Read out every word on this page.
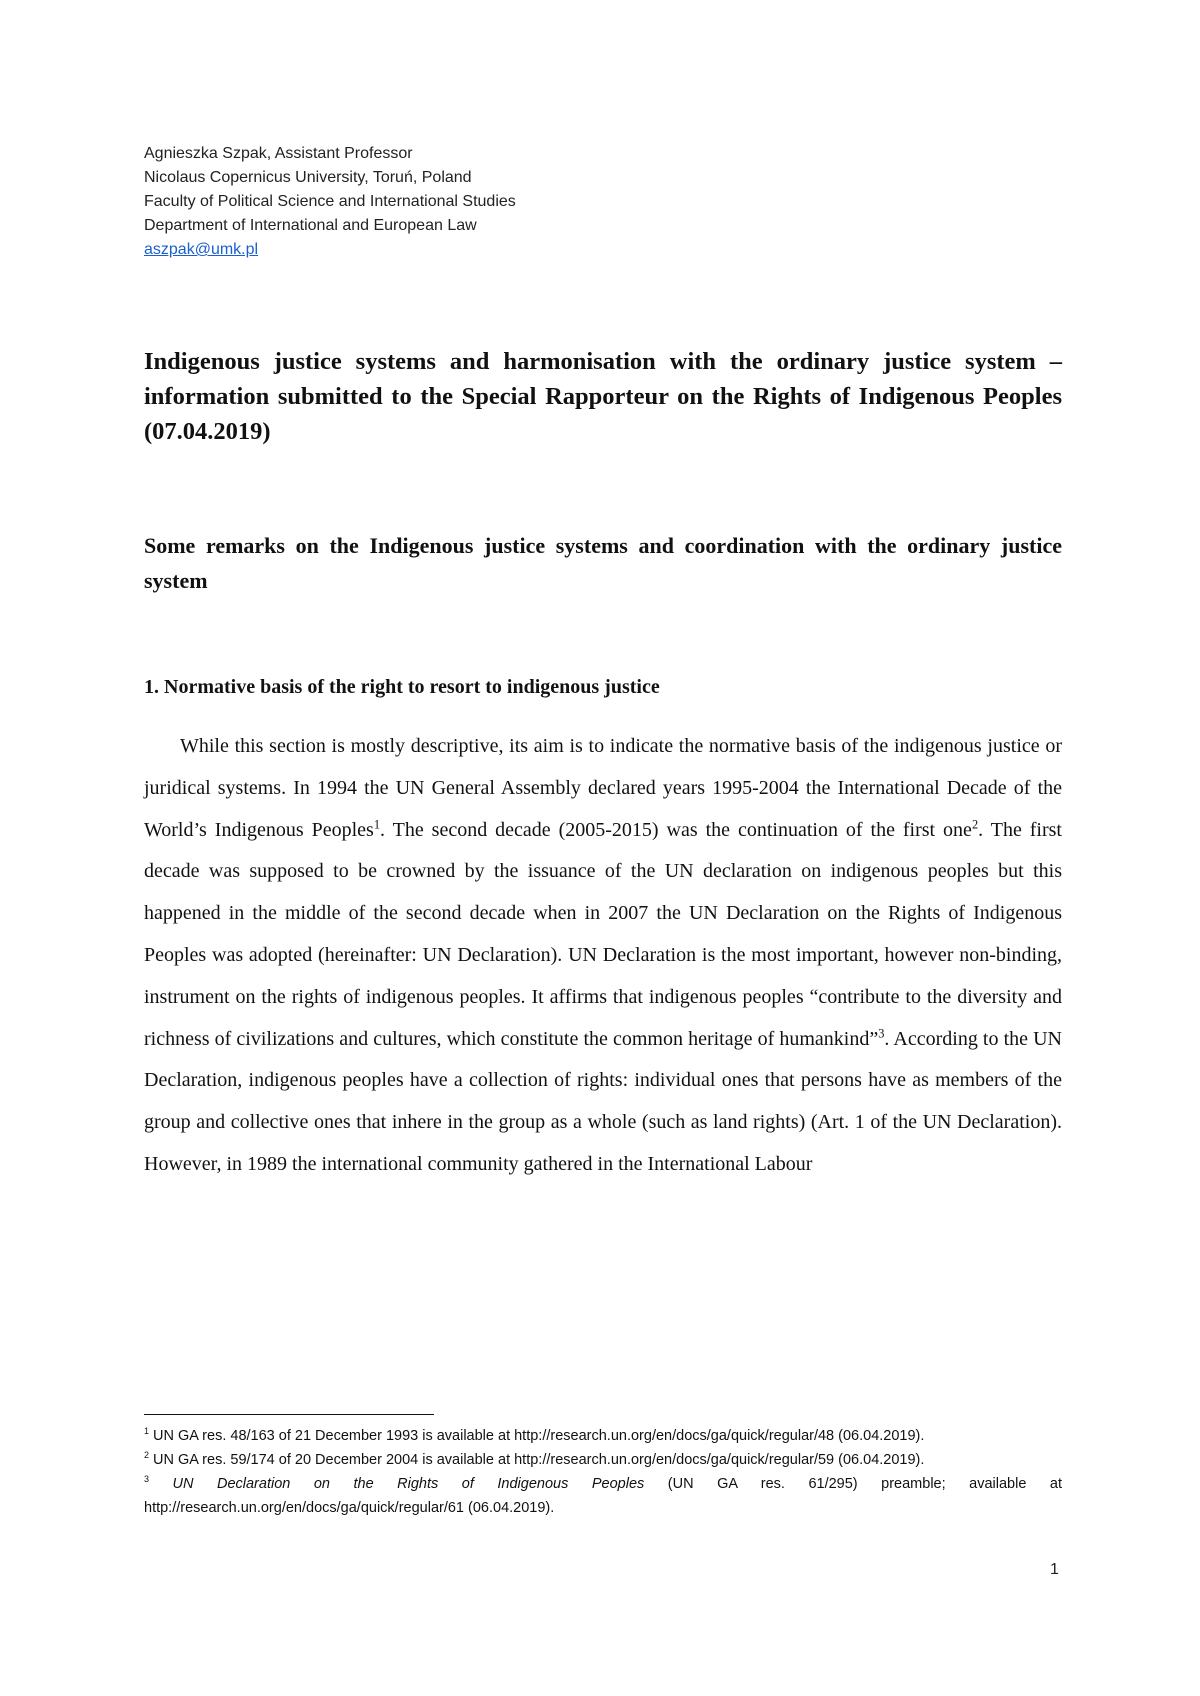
Agnieszka Szpak, Assistant Professor
Nicolaus Copernicus University, Toruń, Poland
Faculty of Political Science and International Studies
Department of International and European Law
aszpak@umk.pl
Indigenous justice systems and harmonisation with the ordinary justice system – information submitted to the Special Rapporteur on the Rights of Indigenous Peoples (07.04.2019)
Some remarks on the Indigenous justice systems and coordination with the ordinary justice system
1. Normative basis of the right to resort to indigenous justice

While this section is mostly descriptive, its aim is to indicate the normative basis of the indigenous justice or juridical systems. In 1994 the UN General Assembly declared years 1995-2004 the International Decade of the World’s Indigenous Peoples$^1$. The second decade (2005-2015) was the continuation of the first one$^2$. The first decade was supposed to be crowned by the issuance of the UN declaration on indigenous peoples but this happened in the middle of the second decade when in 2007 the UN Declaration on the Rights of Indigenous Peoples was adopted (hereinafter: UN Declaration). UN Declaration is the most important, however non-binding, instrument on the rights of indigenous peoples. It affirms that indigenous peoples “contribute to the diversity and richness of civilizations and cultures, which constitute the common heritage of humankind”$^3$. According to the UN Declaration, indigenous peoples have a collection of rights: individual ones that persons have as members of the group and collective ones that inhere in the group as a whole (such as land rights) (Art. 1 of the UN Declaration). However, in 1989 the international community gathered in the International Labour

$^1$ UN GA res. 48/163 of 21 December 1993 is available at http://research.un.org/en/docs/ga/quick/regular/48 (06.04.2019).

$^2$ UN GA res. 59/174 of 20 December 2004 is available at http://research.un.org/en/docs/ga/quick/regular/59 (06.04.2019).

$^3$ UN Declaration on the Rights of Indigenous Peoples (UN GA res. 61/295) preamble; available at http://research.un.org/en/docs/ga/quick/regular/61 (06.04.2019).

1
